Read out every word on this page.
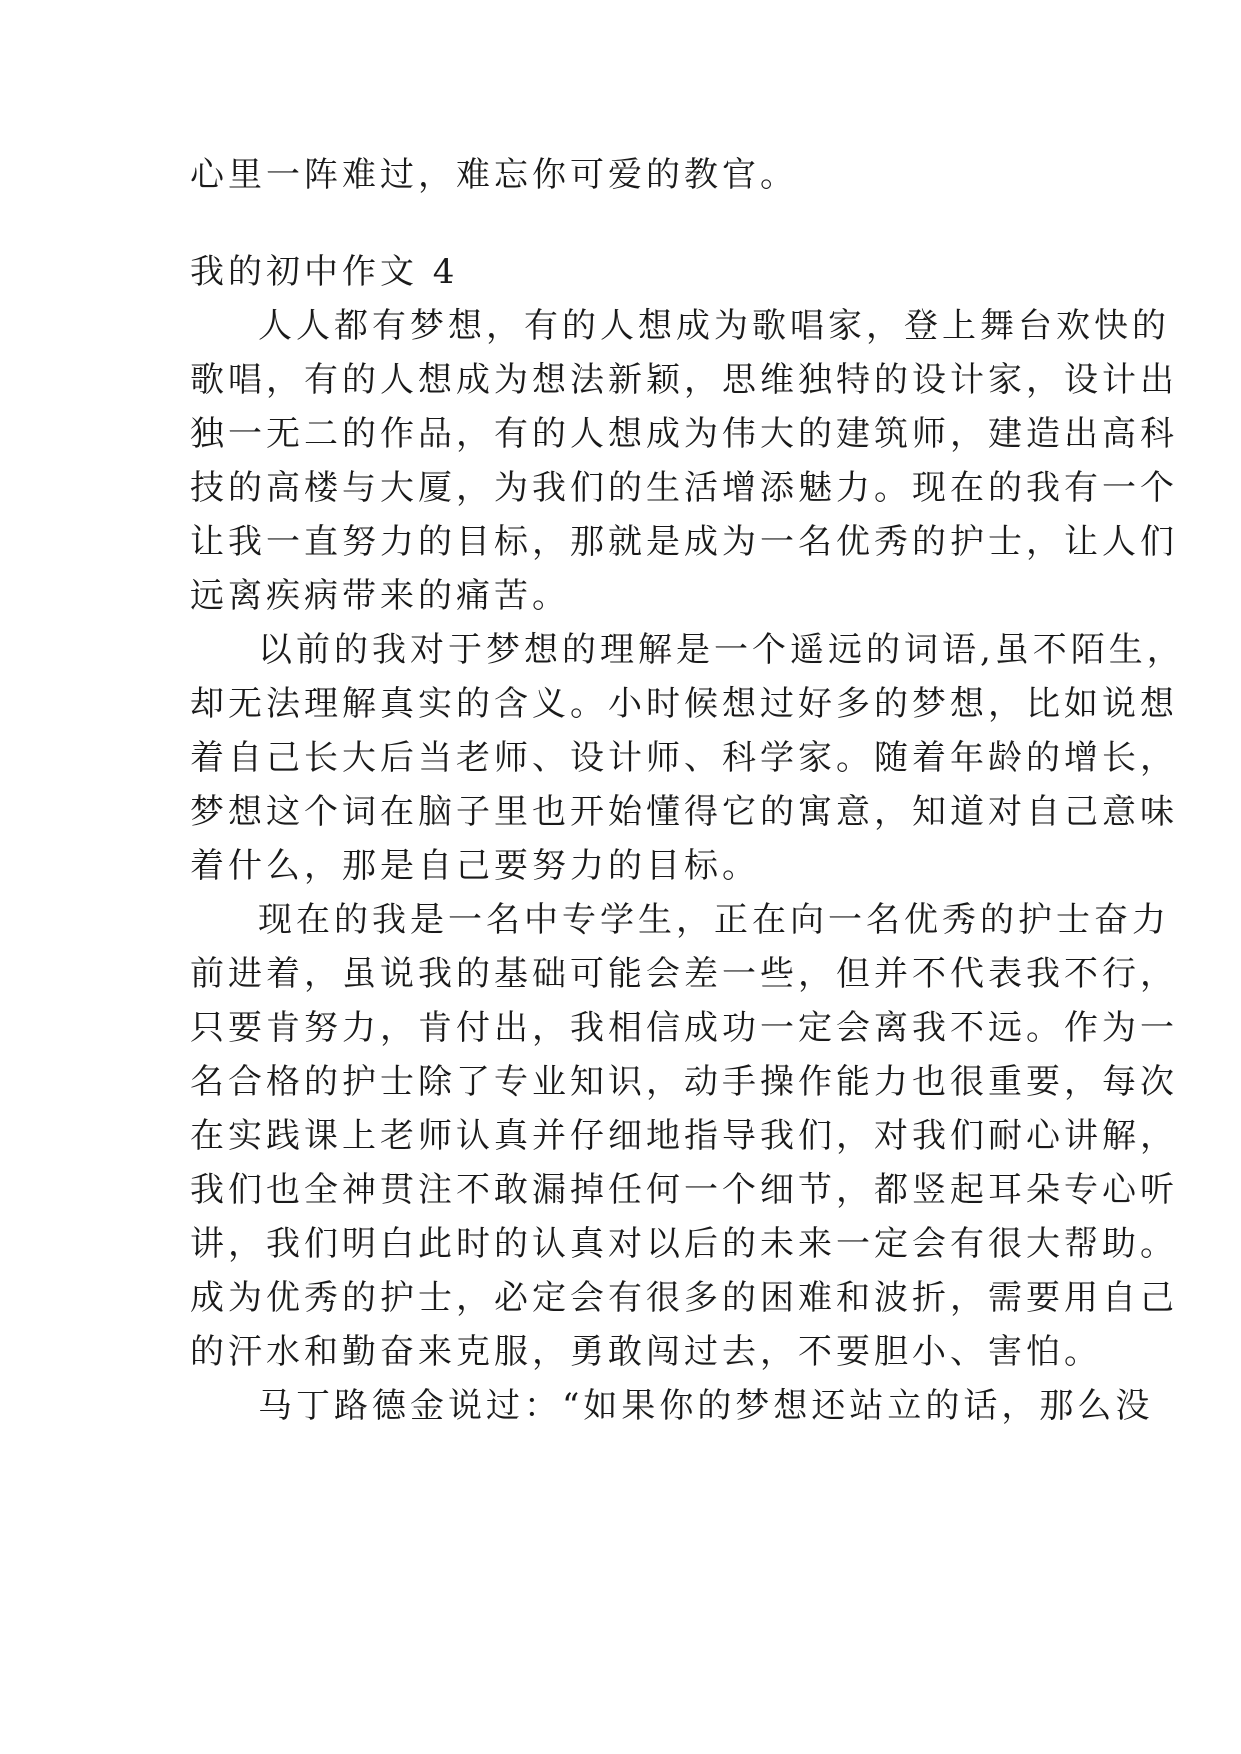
心里一阵难过，难忘你可爱的教官。
我的初中作文 4
人人都有梦想，有的人想成为歌唱家，登上舞台欢快的
歌唱，有的人想成为想法新颖，思维独特的设计家，设计出
独一无二的作品，有的人想成为伟大的建筑师，建造出高科
技的高楼与大厦，为我们的生活增添魅力。现在的我有一个
让我一直努力的目标，那就是成为一名优秀的护士，让人们
远离疾病带来的痛苦。
以前的我对于梦想的理解是一个遥远的词语,虽不陌生，
却无法理解真实的含义。小时候想过好多的梦想，比如说想
着自己长大后当老师、设计师、科学家。随着年龄的增长，
梦想这个词在脑子里也开始懂得它的寓意，知道对自己意味
着什么，那是自己要努力的目标。
现在的我是一名中专学生，正在向一名优秀的护士奋力
前进着，虽说我的基础可能会差一些，但并不代表我不行，
只要肯努力，肯付出，我相信成功一定会离我不远。作为一
名合格的护士除了专业知识，动手操作能力也很重要，每次
在实践课上老师认真并仔细地指导我们，对我们耐心讲解，
我们也全神贯注不敢漏掉任何一个细节，都竖起耳朵专心听
讲，我们明白此时的认真对以后的未来一定会有很大帮助。
成为优秀的护士，必定会有很多的困难和波折，需要用自己
的汗水和勤奋来克服，勇敢闯过去，不要胆小、害怕。
马丁路德金说过：“如果你的梦想还站立的话，那么没
